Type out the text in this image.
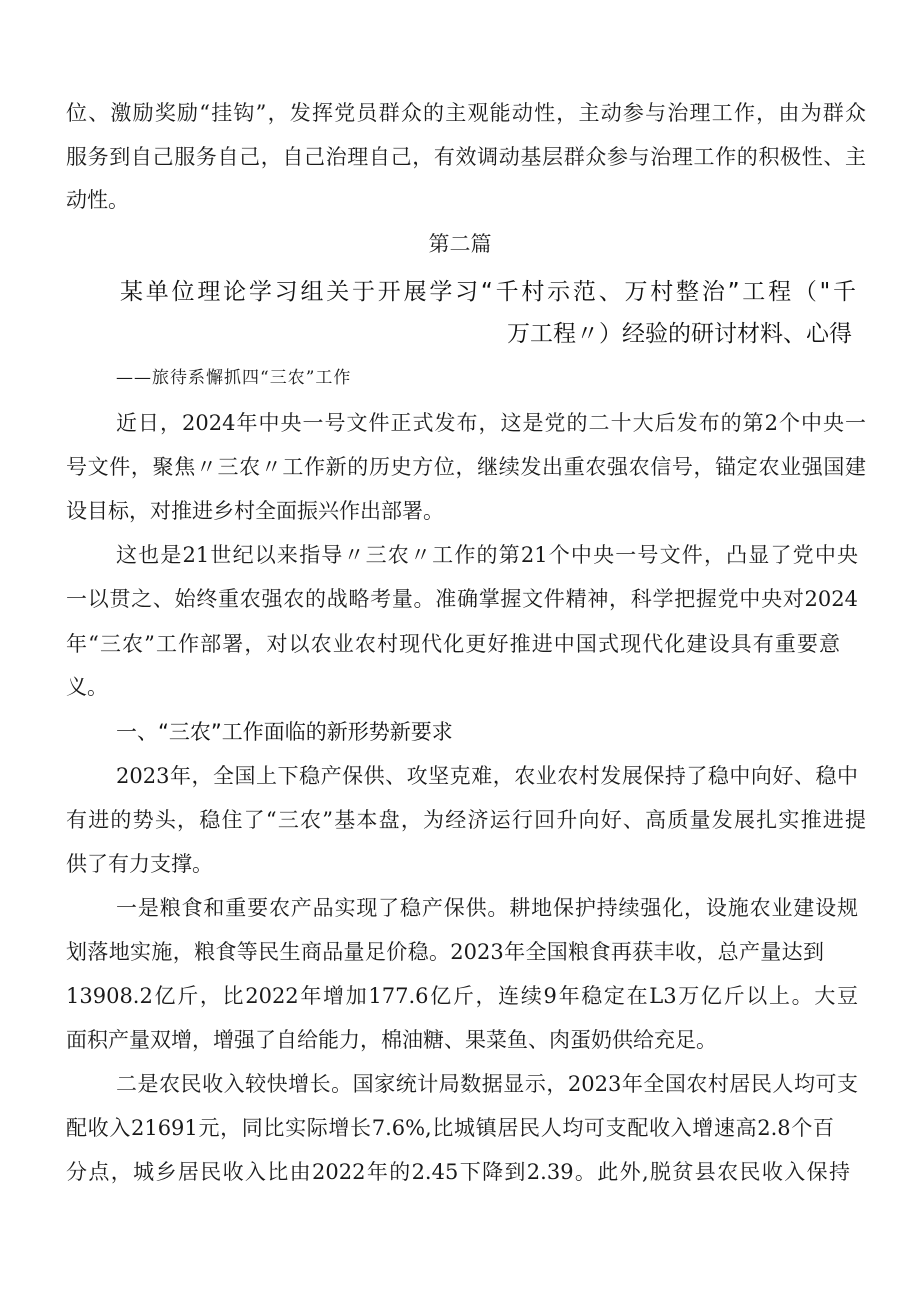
位、激励奖励“挂钩”，发挥党员群众的主观能动性，主动参与治理工作，由为群众
服务到自己服务自己，自己治理自己，有效调动基层群众参与治理工作的积极性、主
动性。
第二篇
某单位理论学习组关于开展学习“千村示范、万村整治”工程（"千
万工程〃）经验的研讨材料、心得
——旅待系懈抓四“三农”工作
近日，2024年中央一号文件正式发布，这是党的二十大后发布的第2个中央一
号文件，聚焦〃三农〃工作新的历史方位，继续发出重农强农信号，锚定农业强国建
设目标，对推进乡村全面振兴作出部署。
这也是21世纪以来指导〃三农〃工作的第21个中央一号文件，凸显了党中央
一以贯之、始终重农强农的战略考量。准确掌握文件精神，科学把握党中央对2024
年“三农”工作部署，对以农业农村现代化更好推进中国式现代化建设具有重要意
义。
一、“三农”工作面临的新形势新要求
2023年，全国上下稳产保供、攻坚克难，农业农村发展保持了稳中向好、稳中
有进的势头，稳住了“三农”基本盘，为经济运行回升向好、高质量发展扎实推进提
供了有力支撑。
一是粮食和重要农产品实现了稳产保供。耕地保护持续强化，设施农业建设规
划落地实施，粮食等民生商品量足价稳。2023年全国粮食再获丰收，总产量达到
13908.2亿斤，比2022年增加177.6亿斤，连续9年稳定在L3万亿斤以上。大豆
面积产量双增，增强了自给能力，棉油糖、果菜鱼、肉蛋奶供给充足。
二是农民收入较快增长。国家统计局数据显示，2023年全国农村居民人均可支
配收入21691元，同比实际增长7.6%,比城镇居民人均可支配收入增速高2.8个百
分点，城乡居民收入比由2022年的2.45下降到2.39。此外,脱贫县农民收入保持
